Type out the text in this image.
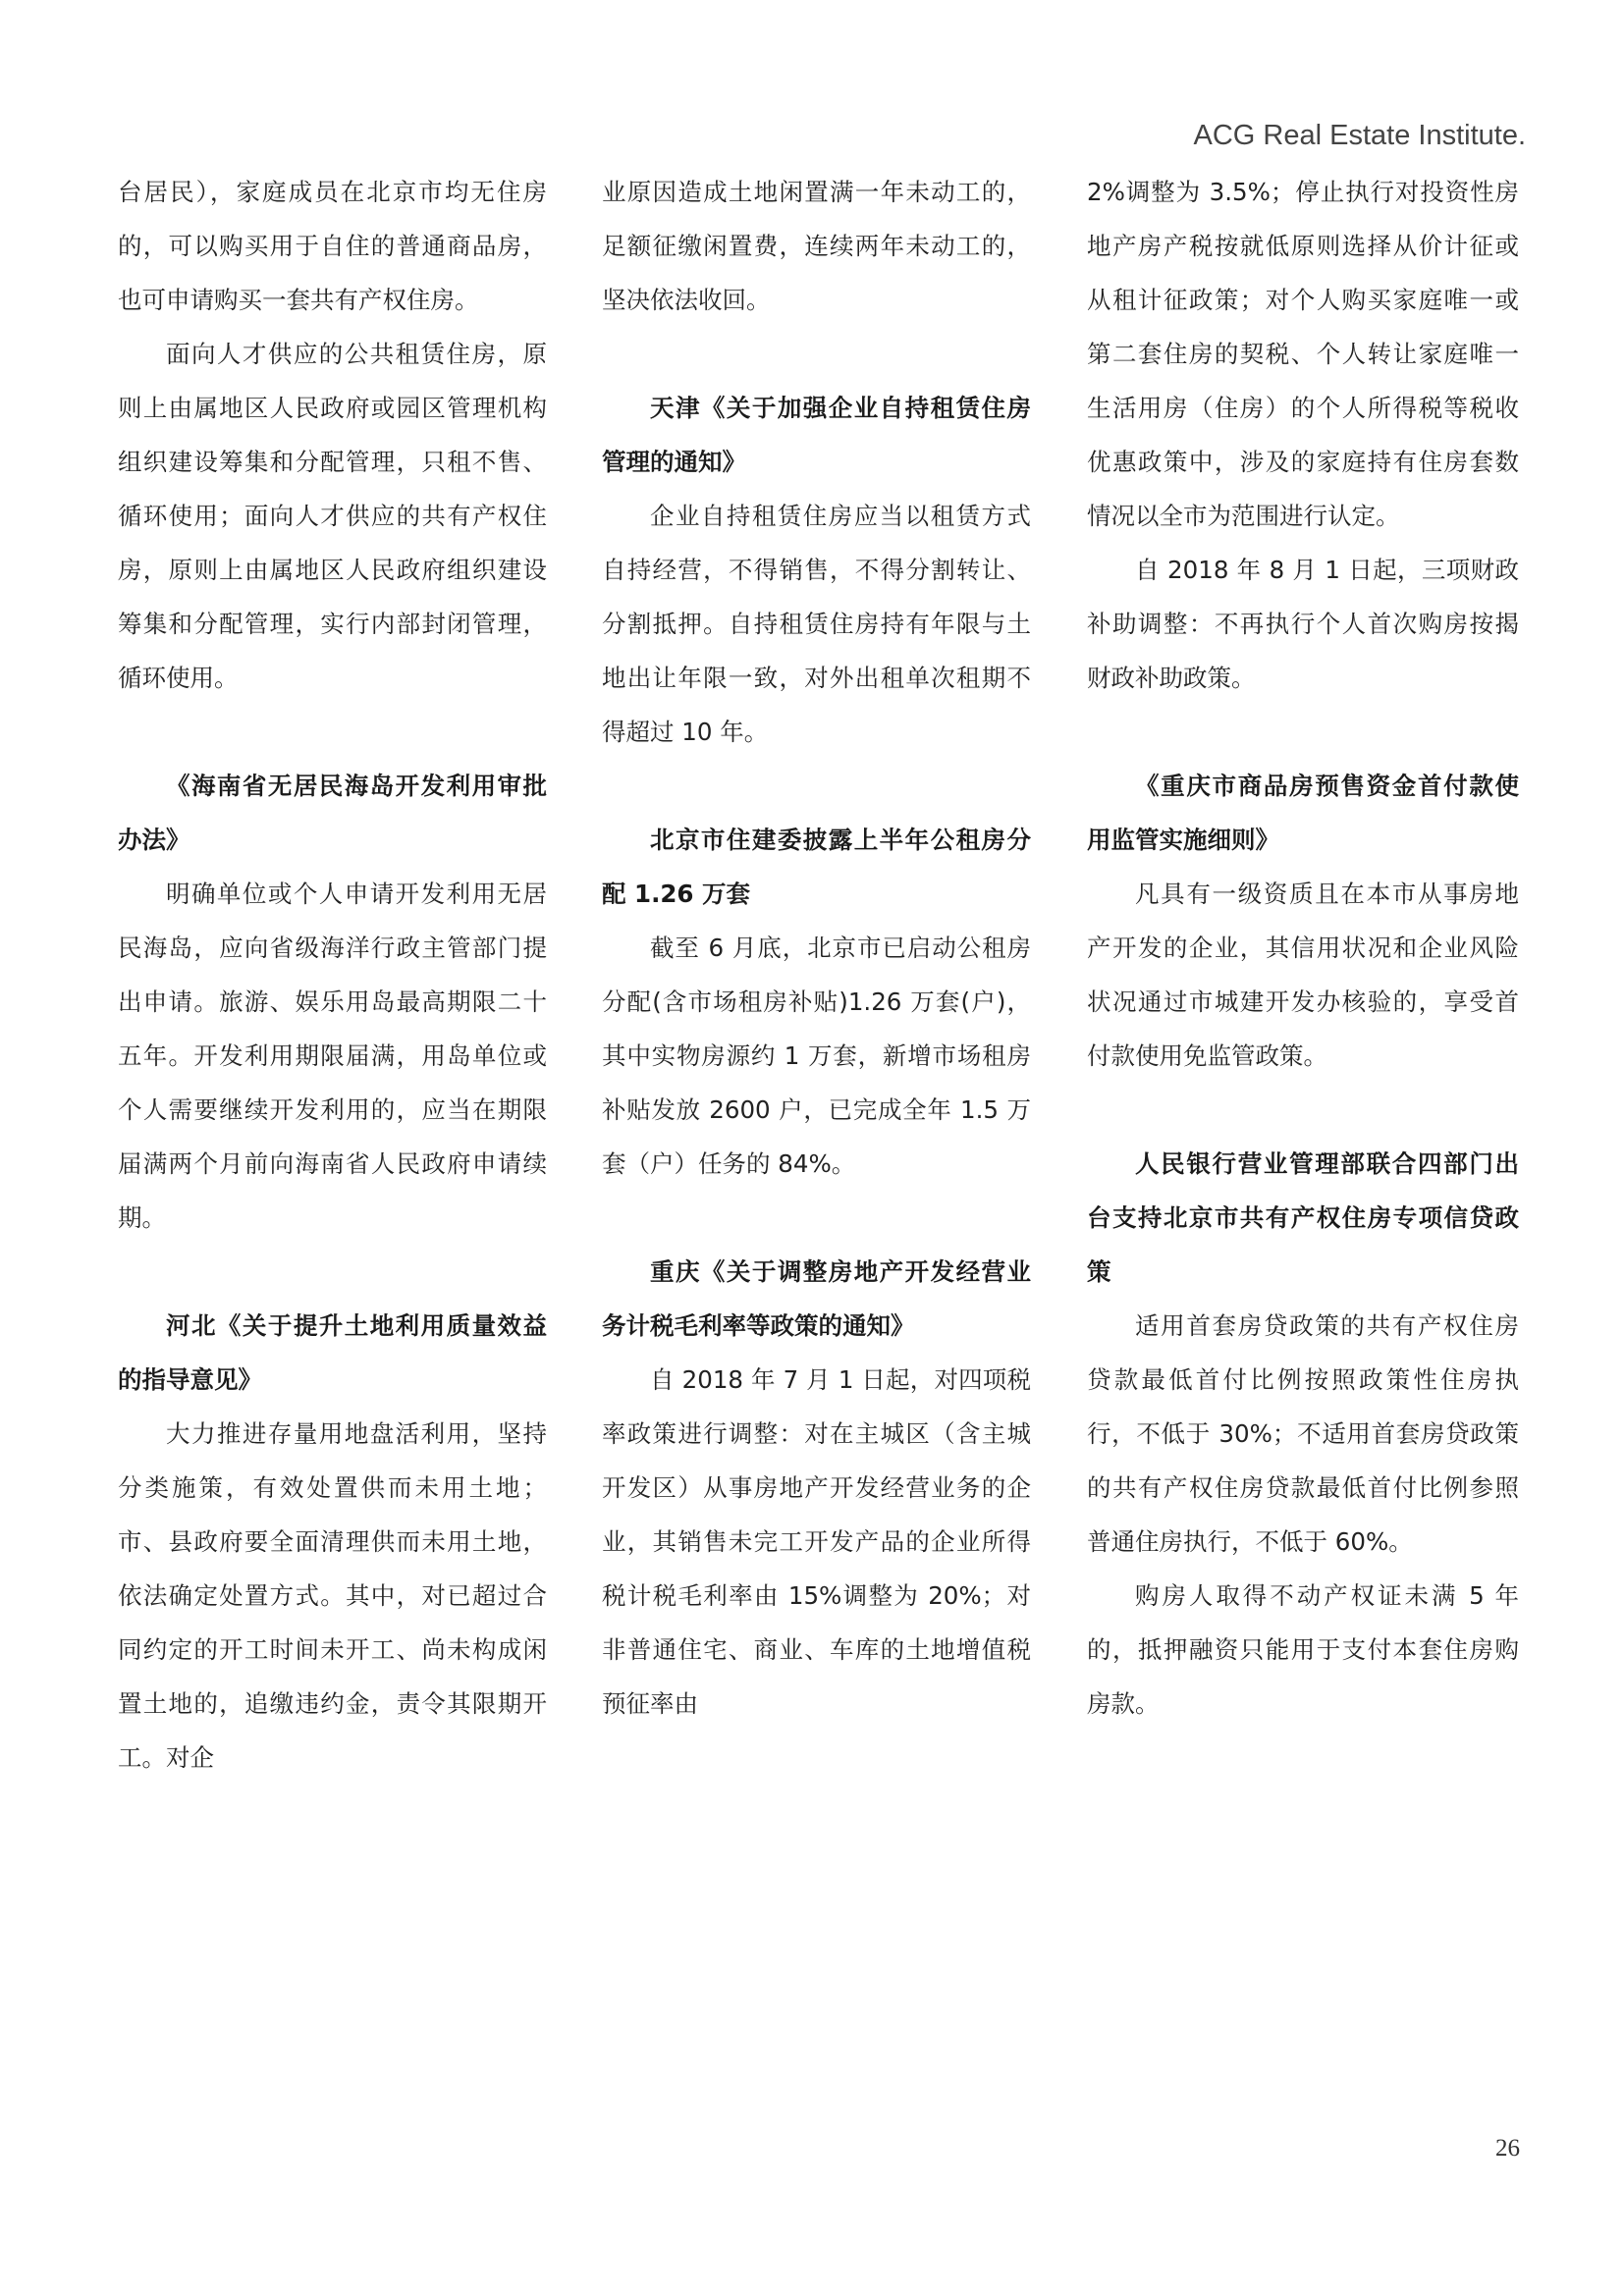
ACG Real Estate Institute.

台居民），家庭成员在北京市均无住房的，可以购买用于自住的普通商品房，也可申请购买一套共有产权住房。

面向人才供应的公共租赁住房，原则上由属地区人民政府或园区管理机构组织建设筹集和分配管理，只租不售、循环使用；面向人才供应的共有产权住房，原则上由属地区人民政府组织建设筹集和分配管理，实行内部封闭管理，循环使用。

《海南省无居民海岛开发利用审批办法》

明确单位或个人申请开发利用无居民海岛，应向省级海洋行政主管部门提出申请。旅游、娱乐用岛最高期限二十五年。开发利用期限届满，用岛单位或个人需要继续开发利用的，应当在期限届满两个月前向海南省人民政府申请续期。

河北《关于提升土地利用质量效益的指导意见》

大力推进存量用地盘活利用，坚持分类施策，有效处置供而未用土地；市、县政府要全面清理供而未用土地，依法确定处置方式。其中，对已超过合同约定的开工时间未开工、尚未构成闲置土地的，追缴违约金，责令其限期开工。对企

业原因造成土地闲置满一年未动工的，足额征缴闲置费，连续两年未动工的，坚决依法收回。

天津《关于加强企业自持租赁住房管理的通知》

企业自持租赁住房应当以租赁方式自持经营，不得销售，不得分割转让、分割抵押。自持租赁住房持有年限与土地出让年限一致，对外出租单次租期不得超过 10 年。

北京市住建委披露上半年公租房分配 1.26 万套

截至 6 月底，北京市已启动公租房分配(含市场租房补贴)1.26 万套(户)，其中实物房源约 1 万套，新增市场租房补贴发放 2600 户，已完成全年 1.5 万套（户）任务的 84%。

重庆《关于调整房地产开发经营业务计税毛利率等政策的通知》

自 2018 年 7 月 1 日起，对四项税率政策进行调整：对在主城区（含主城开发区）从事房地产开发经营业务的企业，其销售未完工开发产品的企业所得税计税毛利率由 15%调整为 20%；对非普通住宅、商业、车库的土地增值税预征率由

2%调整为 3.5%；停止执行对投资性房地产房产税按就低原则选择从价计征或从租计征政策；对个人购买家庭唯一或第二套住房的契税、个人转让家庭唯一生活用房（住房）的个人所得税等税收优惠政策中，涉及的家庭持有住房套数情况以全市为范围进行认定。

自 2018 年 8 月 1 日起，三项财政补助调整：不再执行个人首次购房按揭财政补助政策。

《重庆市商品房预售资金首付款使用监管实施细则》

凡具有一级资质且在本市从事房地产开发的企业，其信用状况和企业风险状况通过市城建开发办核验的，享受首付款使用免监管政策。

人民银行营业管理部联合四部门出台支持北京市共有产权住房专项信贷政策

适用首套房贷政策的共有产权住房贷款最低首付比例按照政策性住房执行，不低于 30%；不适用首套房贷政策的共有产权住房贷款最低首付比例参照普通住房执行，不低于 60%。

购房人取得不动产权证未满 5 年的，抵押融资只能用于支付本套住房购房款。

26
